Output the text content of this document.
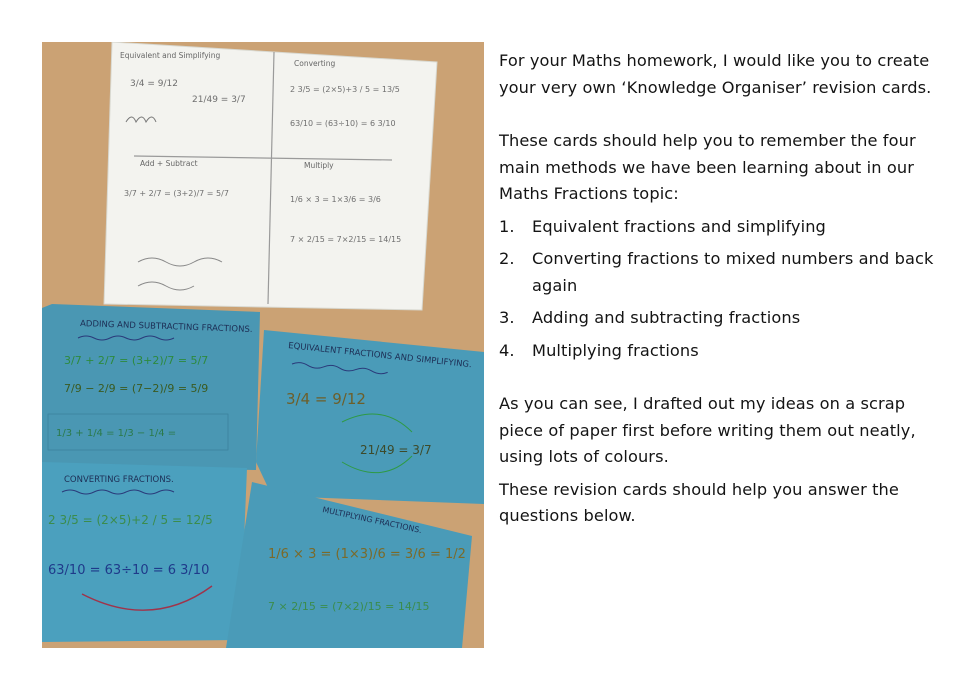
Equivalent and Simplifying
Converting
Add + Subtract	Multiply
3/4 = 9/12
21/49 = 3/7
2 3/5 = (2×5)+3 / 5 = 13/5
63/10 = (63÷10) = 6 3/10
3/7 + 2/7 = (3+2)/7 = 5/7
1/6 × 3 = 1×3/6 = 3/6
7 × 2/15 = 7×2/15 = 14/15
ADDING AND SUBTRACTING FRACTIONS.
3/7 + 2/7 = (3+2)/7 = 5/7
7/9 − 2/9 = (7−2)/9 = 5/9
1/3 + 1/4 = 1/3 − 1/4 =
EQUIVALENT FRACTIONS AND SIMPLIFYING.
3/4 = 9/12
21/49 = 3/7
CONVERTING FRACTIONS.
2 3/5 = (2×5)+2 / 5 = 12/5
63/10 = 63÷10 = 6 3/10
MULTIPLYING FRACTIONS.
1/6 × 3 = (1×3)/6 = 3/6 = 1/2
7 × 2/15 = (7×2)/15 = 14/15

For your Maths homework, I would like you to create your very own ‘Knowledge Organiser’ revision cards.

These cards should help you to remember the four main methods we have been learning about in our Maths Fractions topic:

1.	Equivalent fractions and simplifying
2.	Converting fractions to mixed numbers and back again
3.	Adding and subtracting fractions
4.	Multiplying fractions

As you can see, I drafted out my ideas on a scrap piece of paper first before writing them out neatly, using lots of colours.

These revision cards should help you answer the questions below.
